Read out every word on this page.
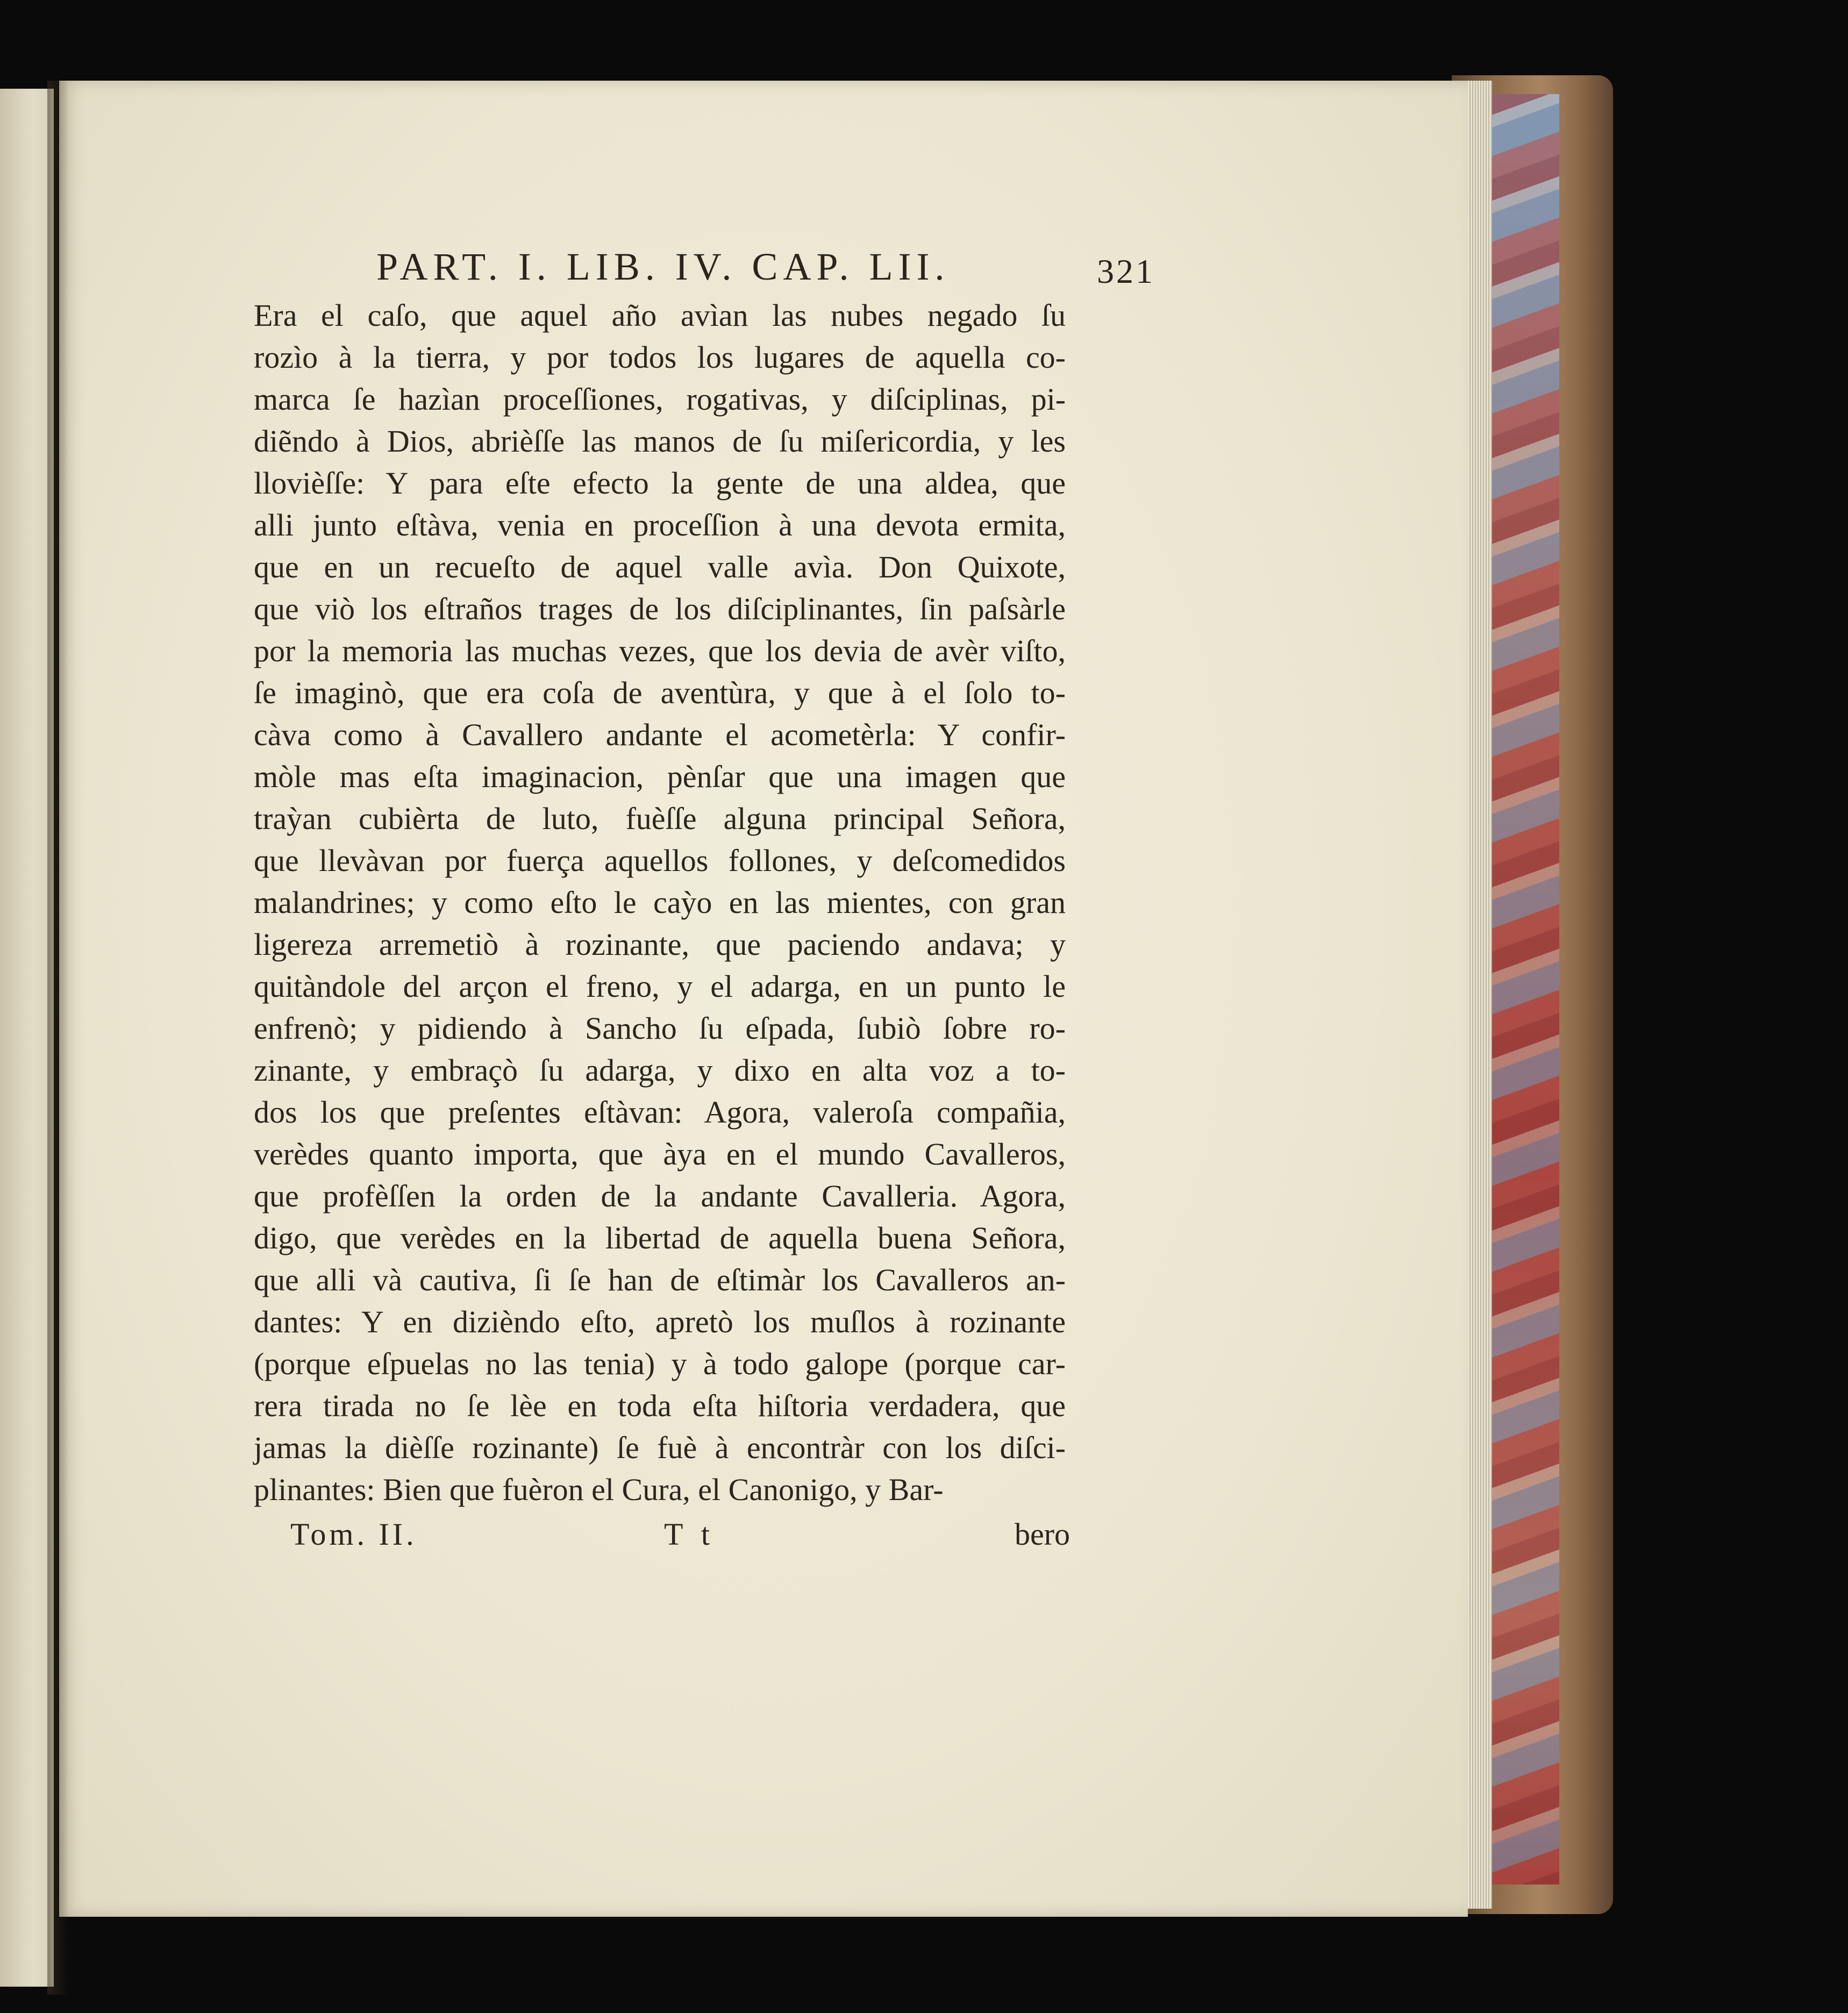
PART. I. LIB. IV. CAP. LII.	321
Era el caſo, que aquel año avìan las nubes negado ſu
rozìo à la tierra, y por todos los lugares de aquella co-
marca ſe hazìan proceſſiones, rogativas, y diſciplinas, pi-
diẽndo à Dios, abrièſſe las manos de ſu miſericordia, y les
llovièſſe: Y para eſte efecto la gente de una aldea, que
alli junto eſtàva, venia en proceſſion à una devota ermita,
que en un recueſto de aquel valle avìa. Don Quixote,
que viò los eſtraños trages de los diſciplinantes, ſin paſsàrle
por la memoria las muchas vezes, que los devia de avèr viſto,
ſe imaginò, que era coſa de aventùra, y que à el ſolo to-
càva como à Cavallero andante el acometèrla: Y confir-
mòle mas eſta imaginacion, pènſar que una imagen que
traỳan cubièrta de luto, fuèſſe alguna principal Señora,
que llevàvan por fuerça aquellos follones, y deſcomedidos
malandrines; y como eſto le caỳo en las mientes, con gran
ligereza arremetiò à rozinante, que paciendo andava; y
quitàndole del arçon el freno, y el adarga, en un punto le
enfrenò; y pidiendo à Sancho ſu eſpada, ſubiò ſobre ro-
zinante, y embraçò ſu adarga, y dixo en alta voz a to-
dos los que preſentes eſtàvan: Agora, valeroſa compañia,
verèdes quanto importa, que àya en el mundo Cavalleros,
que profèſſen la orden de la andante Cavalleria. Agora,
digo, que verèdes en la libertad de aquella buena Señora,
que alli và cautiva, ſi ſe han de eſtimàr los Cavalleros an-
dantes: Y en dizièndo eſto, apretò los muſlos à rozinante
(porque eſpuelas no las tenia) y à todo galope (porque car-
rera tirada no ſe lèe en toda eſta hiſtoria verdadera, que
jamas la dièſſe rozinante) ſe fuè à encontràr con los diſci-
plinantes: Bien que fuèron el Cura, el Canonigo, y Bar-
Tom. II.	T t	bero
